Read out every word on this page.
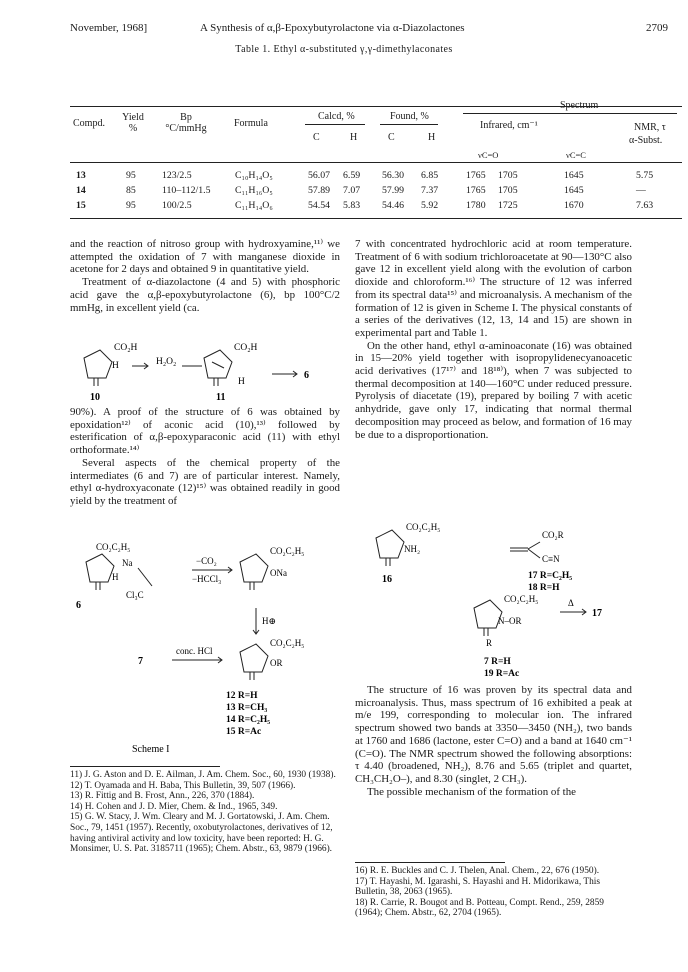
November, 1968]	A Synthesis of α,β-Epoxybutyrolactone via α-Diazolactones	2709
Table 1. Ethyl α-substituted γ,γ-dimethylaconates
Compd.
Yield %
Bp °C/mmHg	Formula
Calcd, %
C	H
Found, %
C	H
Spectrum
Infrared, cm⁻¹	NMR, τ
α-Subst.
νC=O	νC=C
13	95	123/2.5	C₁₀H₁₄O₅	56.07 6.59 56.30 6.85	1765 1705	1645	5.75
14	85	110–112/1.5 C₁₁H₁₆O₅	57.89 7.07 57.99 7.37	1765 1705	1645	—
15	95	100/2.5	C₁₁H₁₄O₆	54.54 5.83 54.46 5.92	1780 1725	1670	7.63

and the reaction of nitroso group with hydroxyamine,¹¹⁾ we attempted the oxidation of 7 with manganese dioxide in acetone for 2 days and obtained 9 in quantitative yield.

Treatment of α-diazolactone (4 and 5) with phosphoric acid gave the α,β-epoxybutyrolactone (6), bp 100°C/2 mmHg, in excellent yield (ca.

CO₂H
H	H₂O₂
CO₂H
H
6
10	11

90%). A proof of the structure of 6 was obtained by epoxidation¹²⁾ of aconic acid (10),¹³⁾ followed by esterification of α,β-epoxyparaconic acid (11) with ethyl orthoformate.¹⁴⁾

Several aspects of the chemical property of the intermediates (6 and 7) are of particular interest. Namely, ethyl α-hydroxyaconate (12)¹⁵⁾ was obtained readily in good yield by the treatment of

CO₂C₂H₅
Na
H
Cl₃C
−CO₂
−HCCl₃
CO₂C₂H₅
ONa
6
H⊕
7
conc. HCl
CO₂C₂H₅
OR
12 R=H
13 R=CH₃
14 R=C₂H₅
15 R=Ac
Scheme I

11) J. G. Aston and D. E. Ailman, J. Am. Chem. Soc., 60, 1930 (1938).

12) T. Oyamada and H. Baba, This Bulletin, 39, 507 (1966).

13) R. Fittig and B. Frost, Ann., 226, 370 (1884).

14) H. Cohen and J. D. Mier, Chem. & Ind., 1965, 349.

15) G. W. Stacy, J. Wm. Cleary and M. J. Gortatowski, J. Am. Chem. Soc., 79, 1451 (1957). Recently, oxobutyrolactones, derivatives of 12, having antiviral activity and low toxicity, have been reported: H. G. Monsimer, U. S. Pat. 3185711 (1965); Chem. Abstr., 63, 9879 (1966).

7 with concentrated hydrochloric acid at room temperature. Treatment of 6 with sodium trichloroacetate at 90—130°C also gave 12 in excellent yield along with the evolution of carbon dioxide and chloroform.¹⁶⁾ The structure of 12 was inferred from its spectral data¹⁵⁾ and microanalysis. A mechanism of the formation of 12 is given in Scheme I. The physical constants of a series of the derivatives (12, 13, 14 and 15) are shown in experimental part and Table 1.

On the other hand, ethyl α-aminoaconate (16) was obtained in 15—20% yield together with isopropylidenecyanoacetic acid derivatives (17¹⁷⁾ and 18¹⁸⁾), when 7 was subjected to thermal decomposition at 140—160°C under reduced pressure. Pyrolysis of diacetate (19), prepared by boiling 7 with acetic anhydride, gave only 17, indicating that normal thermal decomposition may proceed as below, and formation of 16 may be due to a disproportionation.

CO₂C₂H₅
NH₂
16
CO₂R
C≡N
17 R=C₂H₅
18 R=H
CO₂C₂H₅
N–OR
R
Δ
17
7 R=H
19 R=Ac

The structure of 16 was proven by its spectral data and microanalysis. Thus, mass spectrum of 16 exhibited a peak at m/e 199, corresponding to molecular ion. The infrared spectrum showed two bands at 3350—3450 (NH₂), two bands at 1760 and 1686 (lactone, ester C=O) and a band at 1640 cm⁻¹ (C=O). The NMR spectrum showed the following absorptions: τ 4.40 (broadened, NH₂), 8.76 and 5.65 (triplet and quartet, CH₃CH₂O–), and 8.30 (singlet, 2 CH₃).

The possible mechanism of the formation of the

16) R. E. Buckles and C. J. Thelen, Anal. Chem., 22, 676 (1950).

17) T. Hayashi, M. Igarashi, S. Hayashi and H. Midorikawa, This Bulletin, 38, 2063 (1965).

18) R. Carrie, R. Bougot and B. Potteau, Compt. Rend., 259, 2859 (1964); Chem. Abstr., 62, 2704 (1965).
